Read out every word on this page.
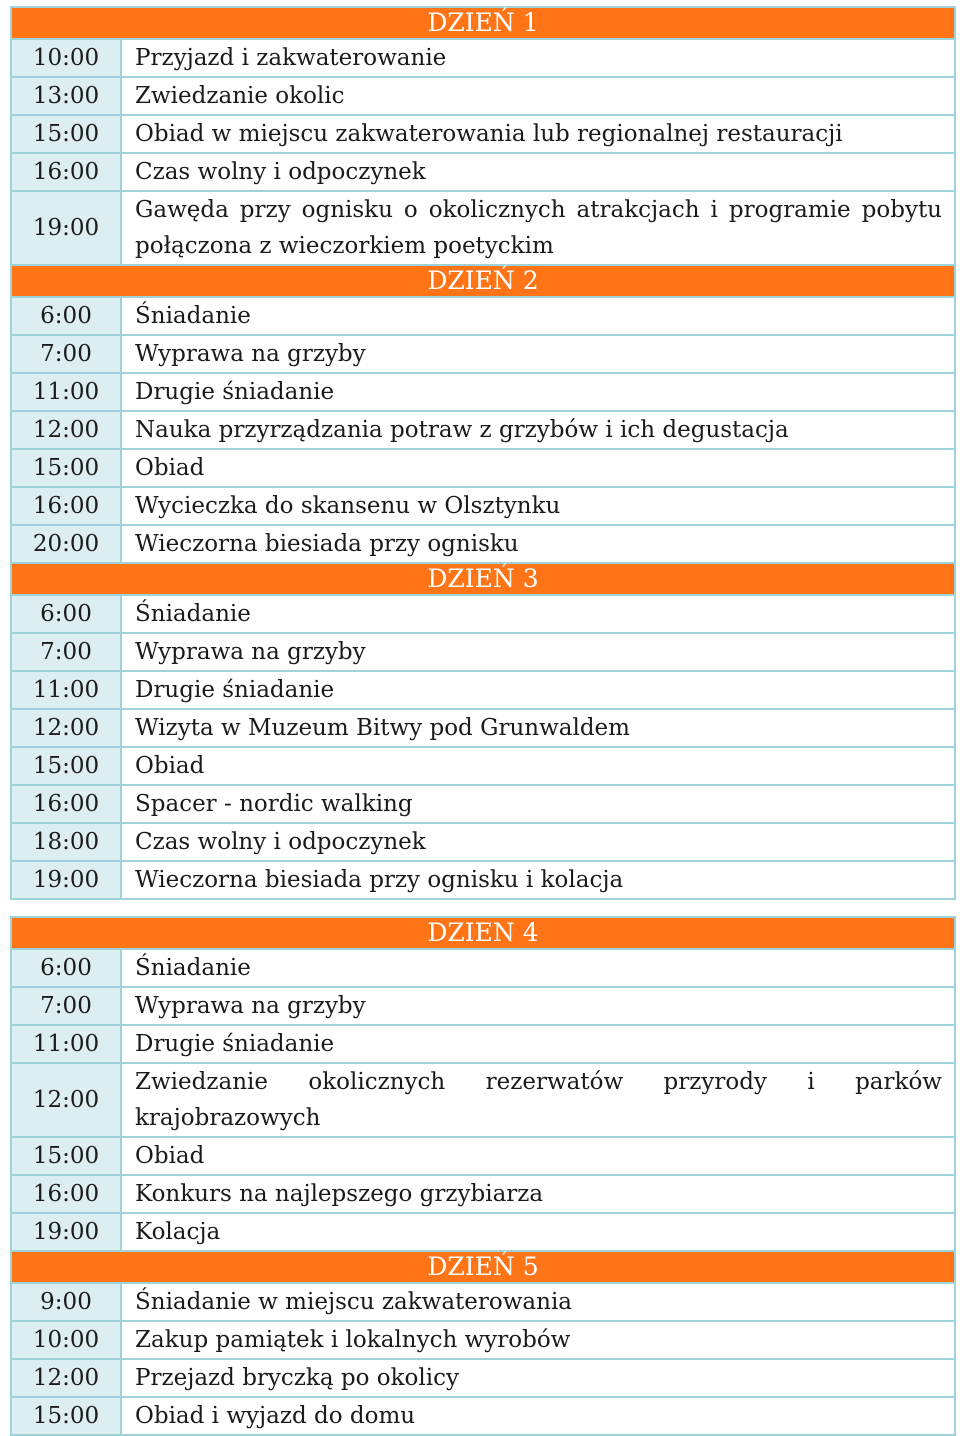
DZIEŃ 1	
10:00	Przyjazd i zakwaterowanie
13:00	Zwiedzanie okolic
15:00	Obiad w miejscu zakwaterowania lub regionalnej restauracji
16:00	Czas wolny i odpoczynek
19:00	Gawęda przy ognisku o okolicznych atrakcjach i programie pobytu połączona z wieczorkiem poetyckim
DZIEŃ 2	
6:00	Śniadanie
7:00	Wyprawa na grzyby
11:00	Drugie śniadanie
12:00	Nauka przyrządzania potraw z grzybów i ich degustacja
15:00	Obiad
16:00	Wycieczka do skansenu w Olsztynku
20:00	Wieczorna biesiada przy ognisku
DZIEŃ 3	
6:00	Śniadanie
7:00	Wyprawa na grzyby
11:00	Drugie śniadanie
12:00	Wizyta w Muzeum Bitwy pod Grunwaldem
15:00	Obiad
16:00	Spacer - nordic walking
18:00	Czas wolny i odpoczynek
19:00	Wieczorna biesiada przy ognisku i kolacja
DZIEN 4	
6:00	Śniadanie
7:00	Wyprawa na grzyby
11:00	Drugie śniadanie
12:00	Zwiedzanie okolicznych rezerwatów przyrody i parków krajobrazowych
15:00	Obiad
16:00	Konkurs na najlepszego grzybiarza
19:00	Kolacja
DZIEŃ 5	
9:00	Śniadanie w miejscu zakwaterowania
10:00	Zakup pamiątek i lokalnych wyrobów
12:00	Przejazd bryczką po okolicy
15:00	Obiad i wyjazd do domu
